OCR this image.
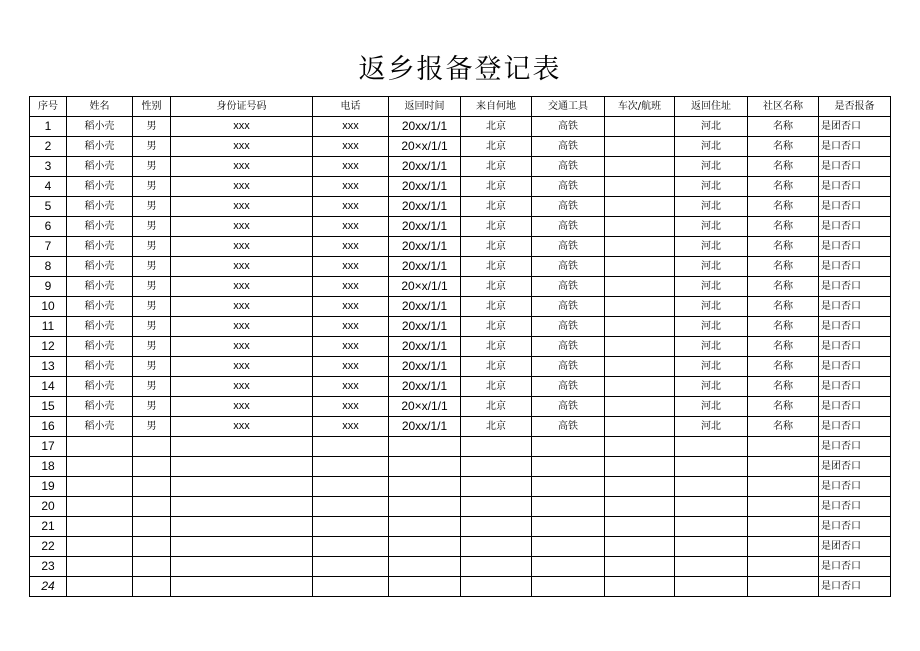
返乡报备登记表
序号	姓名	性别	身份证号码	电话	返回时间	来自何地	交通工具	车次/航班	返回住址	社区名称	是否报备
1	稻小壳	男	xxx	xxx	20xx/1/1	北京	高铁		河北	名称	是团否口
2	稻小壳	男	xxx	xxx	20×x/1/1	北京	高铁		河北	名称	是口否口
3	稻小壳	男	xxx	xxx	20xx/1/1	北京	高铁		河北	名称	是口否口
4	稻小壳	男	xxx	xxx	20xx/1/1	北京	高铁		河北	名称	是口否口
5	稻小壳	男	xxx	xxx	20xx/1/1	北京	高铁		河北	名称	是口否口
6	稻小壳	男	xxx	xxx	20xx/1/1	北京	高铁		河北	名称	是口否口
7	稻小壳	男	xxx	xxx	20xx/1/1	北京	高铁		河北	名称	是口否口
8	稻小壳	男	xxx	xxx	20xx/1/1	北京	高铁		河北	名称	是口否口
9	稻小壳	男	xxx	xxx	20×x/1/1	北京	高铁		河北	名称	是口否口
10	稻小壳	男	xxx	xxx	20xx/1/1	北京	高铁		河北	名称	是口否口
11	稻小壳	男	xxx	xxx	20xx/1/1	北京	高铁		河北	名称	是口否口
12	稻小壳	男	xxx	xxx	20xx/1/1	北京	高铁		河北	名称	是口否口
13	稻小壳	男	xxx	xxx	20xx/1/1	北京	高铁		河北	名称	是口否口
14	稻小壳	男	xxx	xxx	20xx/1/1	北京	高铁		河北	名称	是口否口
15	稻小壳	男	xxx	xxx	20×x/1/1	北京	高铁		河北	名称	是口否口
16	稻小壳	男	xxx	xxx	20xx/1/1	北京	高铁		河北	名称	是口否口
17											是口否口
18											是团否口
19											是口否口
20											是口否口
21											是口否口
22											是团否口
23											是口否口
24											是口否口
